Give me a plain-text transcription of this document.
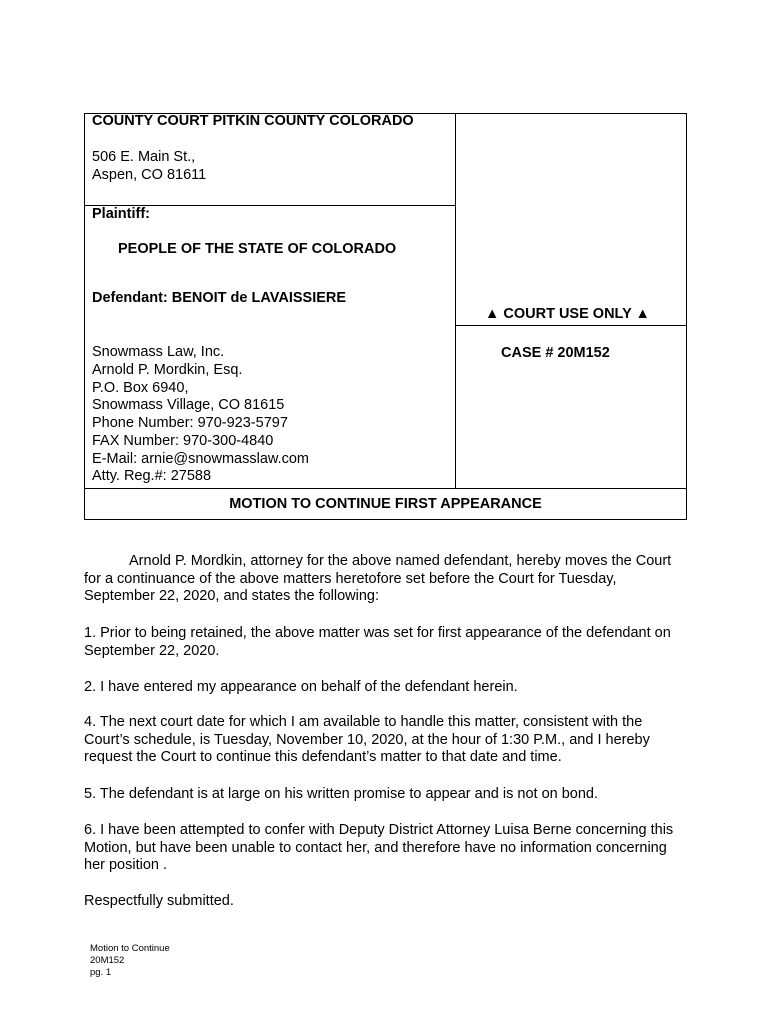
COUNTY COURT PITKIN COUNTY COLORADO
506 E. Main St.,
Aspen, CO 81611
Plaintiff:
PEOPLE OF THE STATE OF COLORADO
Defendant: BENOIT de LAVAISSIERE
▲ COURT USE ONLY ▲
CASE # 20M152
Snowmass Law, Inc.
Arnold P. Mordkin, Esq.
P.O. Box 6940,
Snowmass Village, CO 81615
Phone Number: 970-923-5797
FAX Number: 970-300-4840
E-Mail: arnie@snowmasslaw.com
Atty. Reg.#: 27588
MOTION TO CONTINUE FIRST APPEARANCE
Arnold P. Mordkin, attorney for the above named defendant, hereby moves the Court for a continuance of the above matters heretofore set before the Court for Tuesday, September 22, 2020, and states the following:
1. Prior to being retained, the above matter was set for first appearance of the defendant on September 22, 2020.
2. I have entered my appearance on behalf of the defendant herein.
4. The next court date for which I am available to handle this matter, consistent with the Court’s schedule, is Tuesday, November 10, 2020, at the hour of 1:30 P.M., and I hereby request the Court to continue this defendant’s matter to that date and time.
5. The defendant is at large on his written promise to appear and is not on bond.
6. I have been attempted to confer with Deputy District Attorney Luisa Berne concerning this Motion, but have been unable to contact her, and therefore have no information concerning her position .
Respectfully submitted.
Motion to Continue
20M152
pg. 1
